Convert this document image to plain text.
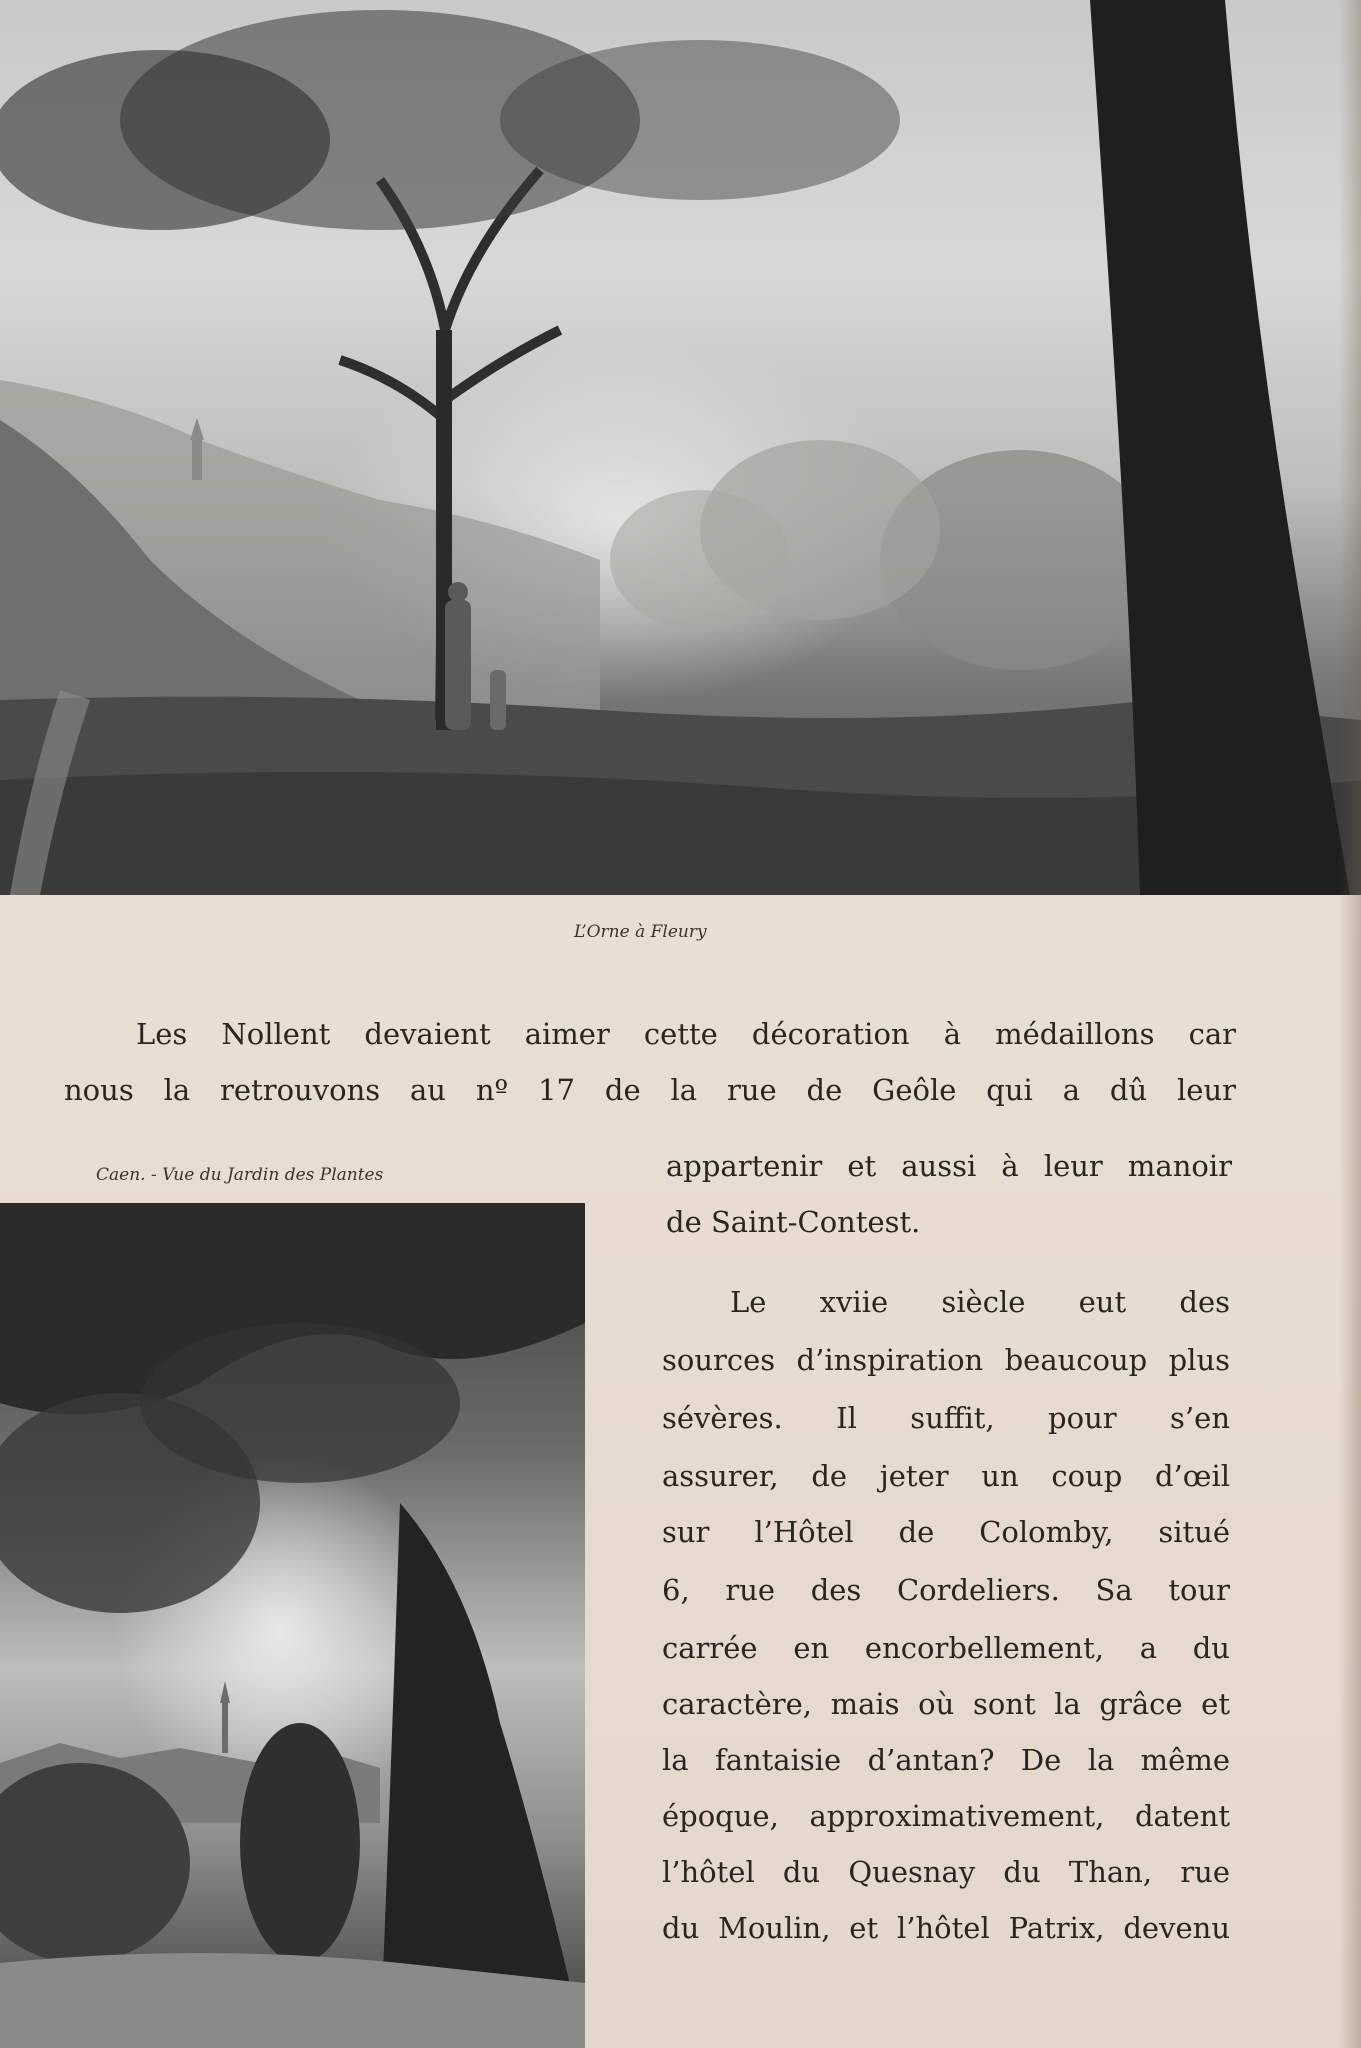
L’Orne à Fleury
Caen. - Vue du Jardin des Plantes
Les Nollent devaient aimer cette décoration à médaillons car
nous la retrouvons au nº 17 de la rue de Geôle qui a dû leur
appartenir et aussi à leur manoir
de Saint-Contest.
Le xviie siècle eut des
sources d’inspiration beaucoup plus
sévères. Il suffit, pour s’en
assurer, de jeter un coup d’œil
sur l’Hôtel de Colomby, situé
6, rue des Cordeliers. Sa tour
carrée en encorbellement, a du
caractère, mais où sont la grâce et
la fantaisie d’antan? De la même
époque, approximativement, datent
l’hôtel du Quesnay du Than, rue
du Moulin, et l’hôtel Patrix, devenu
